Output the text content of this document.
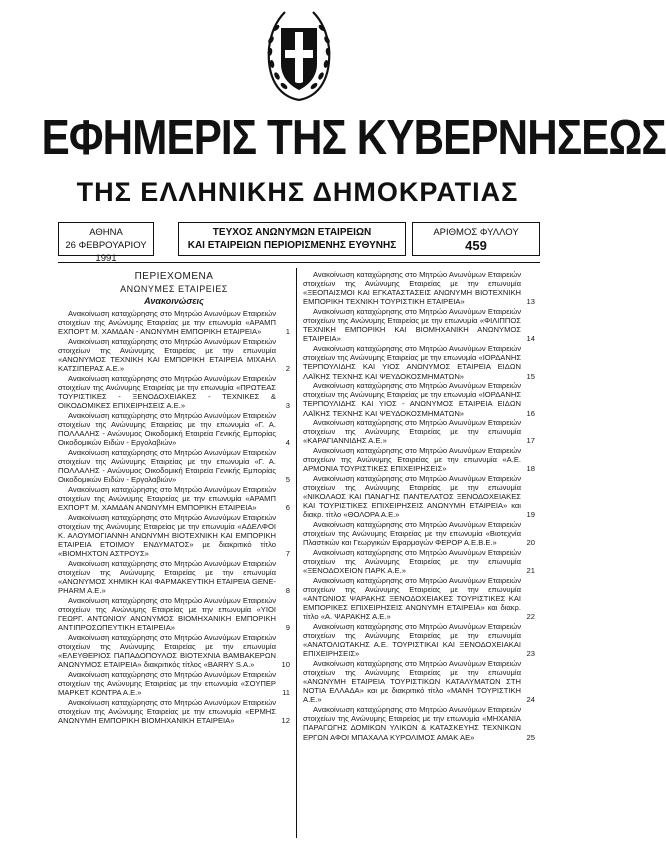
ΕΦΗΜΕΡΙΣ ΤΗΣ ΚΥΒΕΡΝΗΣΕΩΣ
ΤΗΣ ΕΛΛΗΝΙΚΗΣ ΔΗΜΟΚΡΑΤΙΑΣ
ΑΘΗΝΑ
26 ΦΕΒΡΟΥΑΡΙΟΥ 1991
ΤΕΥΧΟΣ ΑΝΩΝΥΜΩΝ ΕΤΑΙΡΕΙΩΝ
ΚΑΙ ΕΤΑΙΡΕΙΩΝ ΠΕΡΙΟΡΙΣΜΕΝΗΣ ΕΥΘΥΝΗΣ
ΑΡΙΘΜΟΣ ΦΥΛΛΟΥ
459
ΠΕΡΙΕΧΟΜΕΝΑ
ΑΝΩΝΥΜΕΣ ΕΤΑΙΡΕΙΕΣ
Ανακοινώσεις
Ανακοίνωση καταχώρησης στο Μητρώο Ανωνύμων Εταιρειών στοιχείων της Ανώνυμης Εταιρείας με την επωνυμία «ΑΡΑΜΠ ΕΧΠΟΡΤ Μ. ΧΑΜΔΑΝ - ΑΝΩΝΥΜΗ ΕΜΠΟΡΙΚΗ ΕΤΑΙΡΕΙΑ»	1
Ανακοίνωση καταχώρησης στο Μητρώο Ανωνύμων Εταιρειών στοιχείων της Ανώνυμης Εταιρείας με την επωνυμία «ΑΝΩΝΥΜΟΣ ΤΕΧΝΙΚΗ ΚΑΙ ΕΜΠΟΡΙΚΗ ΕΤΑΙΡΕΙΑ ΜΙΧΑΗΛ ΚΑΤΣΙΠΕΡΑΣ Α.Ε.»	2
Ανακοίνωση καταχώρησης στο Μητρώο Ανωνύμων Εταιρειών στοιχείων της Ανώνυμης Εταιρείας με την επωνυμία «ΠΡΩΤΕΑΣ ΤΟΥΡΙΣΤΙΚΕΣ - ΞΕΝΟΔΟΧΕΙΑΚΕΣ - ΤΕΧΝΙΚΕΣ & ΟΙΚΟΔΟΜΙΚΕΣ ΕΠΙΧΕΙΡΗΣΕΙΣ Α.Ε.»	3
Ανακοίνωση καταχώρησης στο Μητρώο Ανωνύμων Εταιρειών στοιχείων της Ανώνυμης Εταιρείας με την επωνυμία «Γ. Α. ΠΟΛΛΑΛΗΣ - Ανώνυμος Οικοδομική Εταιρεία Γενικής Εμπορίας Οικοδομικών Ειδών - Εργολαβιών»	4
Ανακοίνωση καταχώρησης στο Μητρώο Ανωνύμων Εταιρειών στοιχείων της Ανώνυμης Εταιρείας με την επωνυμία «Γ. Α. ΠΟΛΛΑΛΗΣ - Ανώνυμος Οικοδομική Εταιρεία Γενικής Εμπορίας Οικοδομικών Ειδών - Εργολαβιών»	5
Ανακοίνωση καταχώρησης στο Μητρώο Ανωνύμων Εταιρειών στοιχείων της Ανώνυμης Εταιρείας με την επωνυμία «ΑΡΑΜΠ ΕΧΠΟΡΤ Μ. ΧΑΜΔΑΝ ΑΝΩΝΥΜΗ ΕΜΠΟΡΙΚΗ ΕΤΑΙΡΕΙΑ»	6
Ανακοίνωση καταχώρησης στο Μητρώο Ανωνύμων Εταιρειών στοιχείων της Ανώνυμης Εταιρείας με την επωνυμία «ΑΔΕΛΦΟΙ Κ. ΑΛΟΥΜΟΓΙΑΝΝΗ ΑΝΩΝΥΜΗ ΒΙΟΤΕΧΝΙΚΗ ΚΑΙ ΕΜΠΟΡΙΚΗ ΕΤΑΙΡΕΙΑ ΕΤΟΙΜΟΥ ΕΝΔΥΜΑΤΟΣ» με διακριτικό τίτλο «ΒΙΟΜΗΧΤΟΝ ΑΣΤΡΟΥΣ»	7
Ανακοίνωση καταχώρησης στο Μητρώο Ανωνύμων Εταιρειών στοιχείων της Ανώνυμης Εταιρείας με την επωνυμία «ΑΝΩΝΥΜΟΣ ΧΗΜΙΚΗ ΚΑΙ ΦΑΡΜΑΚΕΥΤΙΚΗ ΕΤΑΙΡΕΙΑ GENE-PHARM A.E.»	8
Ανακοίνωση καταχώρησης στο Μητρώο Ανωνύμων Εταιρειών στοιχείων της Ανώνυμης Εταιρείας με την επωνυμία «ΥΙΟΙ ΓΕΩΡΓ. ΑΝΤΩΝΙΟΥ ΑΝΩΝΥΜΟΣ ΒΙΟΜΗΧΑΝΙΚΗ ΕΜΠΟΡΙΚΗ ΑΝΤΙΠΡΟΣΩΠΕΥΤΙΚΗ ΕΤΑΙΡΕΙΑ»	9
Ανακοίνωση καταχώρησης στο Μητρώο Ανωνύμων Εταιρειών στοιχείων της Ανώνυμης Εταιρείας με την επωνυμία «ΕΛΕΥΘΕΡΙΟΣ ΠΑΠΑΔΟΠΟΥΛΟΣ ΒΙΟΤΕΧΝΙΑ ΒΑΜΒΑΚΕΡΩΝ ΑΝΩΝΥΜΟΣ ΕΤΑΙΡΕΙΑ» διακριτικός τίτλος «BARRY S.A.»	10
Ανακοίνωση καταχώρησης στο Μητρώο Ανωνύμων Εταιρειών στοιχείων της Ανώνυμης Εταιρείας με την επωνυμία «ΣΟΥΠΕΡ ΜΑΡΚΕΤ ΚΟΝΤΡΑ Α.Ε.»	11
Ανακοίνωση καταχώρησης στο Μητρώο Ανωνύμων Εταιρειών στοιχείων της Ανώνυμης Εταιρείας με την επωνυμία «ΕΡΜΗΣ ΑΝΩΝΥΜΗ ΕΜΠΟΡΙΚΗ ΒΙΟΜΗΧΑΝΙΚΗ ΕΤΑΙΡΕΙΑ»	12
Ανακοίνωση καταχώρησης στο Μητρώο Ανωνύμων Εταιρειών στοιχείων της Ανώνυμης Εταιρείας με την επωνυμία «ΞΕΟΠΑΙΣΜΟΙ ΚΑΙ ΕΓΚΑΤΑΣΤΑΣΕΙΣ ΑΝΩΝΥΜΗ ΒΙΟΤΕΧΝΙΚΗ ΕΜΠΟΡΙΚΗ ΤΕΧΝΙΚΗ ΤΟΥΡΙΣΤΙΚΗ ΕΤΑΙΡΕΙΑ»	13
Ανακοίνωση καταχώρησης στο Μητρώο Ανωνύμων Εταιρειών στοιχείων της Ανώνυμης Εταιρείας με την επωνυμία «ΦΙΛΙΠΠΟΣ ΤΕΧΝΙΚΗ ΕΜΠΟΡΙΚΗ ΚΑΙ ΒΙΟΜΗΧΑΝΙΚΗ ΑΝΩΝΥΜΟΣ ΕΤΑΙΡΕΙΑ»	14
Ανακοίνωση καταχώρησης στο Μητρώο Ανωνύμων Εταιρειών στοιχείων της Ανώνυμης Εταιρείας με την επωνυμία «ΙΟΡΔΑΝΗΣ ΤΕΡΠΟΥΛΙΔΗΣ ΚΑΙ ΥΙΟΣ ΑΝΩΝΥΜΟΣ ΕΤΑΙΡΕΙΑ ΕΙΔΩΝ ΛΑΪΚΗΣ ΤΕΧΝΗΣ ΚΑΙ ΨΕΥΔΟΚΟΣΜΗΜΑΤΩΝ»	15
Ανακοίνωση καταχώρησης στο Μητρώο Ανωνύμων Εταιρειών στοιχείων της Ανώνυμης Εταιρείας με την επωνυμία «ΙΟΡΔΑΝΗΣ ΤΕΡΠΟΥΛΙΔΗΣ ΚΑΙ ΥΙΟΣ - ΑΝΩΝΥΜΟΣ ΕΤΑΙΡΕΙΑ ΕΙΔΩΝ ΛΑΪΚΗΣ ΤΕΧΝΗΣ ΚΑΙ ΨΕΥΔΟΚΟΣΜΗΜΑΤΩΝ»	16
Ανακοίνωση καταχώρησης στο Μητρώο Ανωνύμων Εταιρειών στοιχείων της Ανώνυμης Εταιρείας με την επωνυμία «ΚΑΡΑΓΙΑΝΝΙΔΗΣ Α.Ε.»	17
Ανακοίνωση καταχώρησης στο Μητρώο Ανωνύμων Εταιρειών στοιχείων της Ανώνυμης Εταιρείας με την επωνυμία «Α.Ε. ΑΡΜΟΝΙΑ ΤΟΥΡΙΣΤΙΚΕΣ ΕΠΙΧΕΙΡΗΣΕΙΣ»	18
Ανακοίνωση καταχώρησης στο Μητρώο Ανωνύμων Εταιρειών στοιχείων της Ανώνυμης Εταιρείας με την επωνυμία «ΝΙΚΟΛΑΟΣ ΚΑΙ ΠΑΝΑΓΗΣ ΠΑΝΤΕΛΑΤΟΣ ΞΕΝΟΔΟΧΕΙΑΚΕΣ ΚΑΙ ΤΟΥΡΙΣΤΙΚΕΣ ΕΠΙΧΕΙΡΗΣΕΙΣ ΑΝΩΝΥΜΗ ΕΤΑΙΡΕΙΑ» και διακρ. τίτλο «ΘΟΛΟΡΑ Α.Ε.»	19
Ανακοίνωση καταχώρησης στο Μητρώο Ανωνύμων Εταιρειών στοιχείων της Ανώνυμης Εταιρείας με την επωνυμία «Βιοτεχνία Πλαστικών και Γεωργικών Εφαρμογών ΦΕΡΟΡ Α.Ε.Β.Ε.»	20
Ανακοίνωση καταχώρησης στο Μητρώο Ανωνύμων Εταιρειών στοιχείων της Ανώνυμης Εταιρείας με την επωνυμία «ΞΕΝΟΔΟΧΕΙΟΝ ΠΑΡΚ Α.Ε.»	21
Ανακοίνωση καταχώρησης στο Μητρώο Ανωνύμων Εταιρειών στοιχείων της Ανώνυμης Εταιρείας με την επωνυμία «ΑΝΤΩΝΙΟΣ ΨΑΡΑΚΗΣ ΞΕΝΟΔΟΧΕΙΑΚΕΣ ΤΟΥΡΙΣΤΙΚΕΣ ΚΑΙ ΕΜΠΟΡΙΚΕΣ ΕΠΙΧΕΙΡΗΣΕΙΣ ΑΝΩΝΥΜΗ ΕΤΑΙΡΕΙΑ» και διακρ. τίτλο «Α. ΨΑΡΑΚΗΣ Α.Ε.»	22
Ανακοίνωση καταχώρησης στο Μητρώο Ανωνύμων Εταιρειών στοιχείων της Ανώνυμης Εταιρείας με την επωνυμία «ΑΝΑΤΟΛΙΩΤΑΚΗΣ Α.Ε. ΤΟΥΡΙΣΤΙΚΑΙ ΚΑΙ ΞΕΝΟΔΟΧΕΙΑΚΑΙ ΕΠΙΧΕΙΡΗΣΕΙΣ»	23
Ανακοίνωση καταχώρησης στο Μητρώο Ανωνύμων Εταιρειών στοιχείων της Ανώνυμης Εταιρείας με την επωνυμία «ΑΝΩΝΥΜΗ ΕΤΑΙΡΕΙΑ ΤΟΥΡΙΣΤΙΚΩΝ ΚΑΤΑΛΥΜΑΤΩΝ ΣΤΗ ΝΟΤΙΑ ΕΛΛΑΔΑ» και με διακριτικό τίτλο «ΜΑΝΗ ΤΟΥΡΙΣΤΙΚΗ Α.Ε.»	24
Ανακοίνωση καταχώρησης στο Μητρώο Ανωνύμων Εταιρειών στοιχείων της Ανώνυμης Εταιρείας με την επωνυμία «ΜΗΧΑΝΙΑ ΠΑΡΑΓΩΓΗΣ ΔΟΜΙΚΩΝ ΥΛΙΚΩΝ & ΚΑΤΑΣΚΕΥΗΣ ΤΕΧΝΙΚΩΝ ΕΡΓΩΝ ΑΦΟΙ ΜΠΑΧΑΛΑ ΚΥΡΟΛΙΜΟΣ ΑΜΑΚ ΑΕ»	25
